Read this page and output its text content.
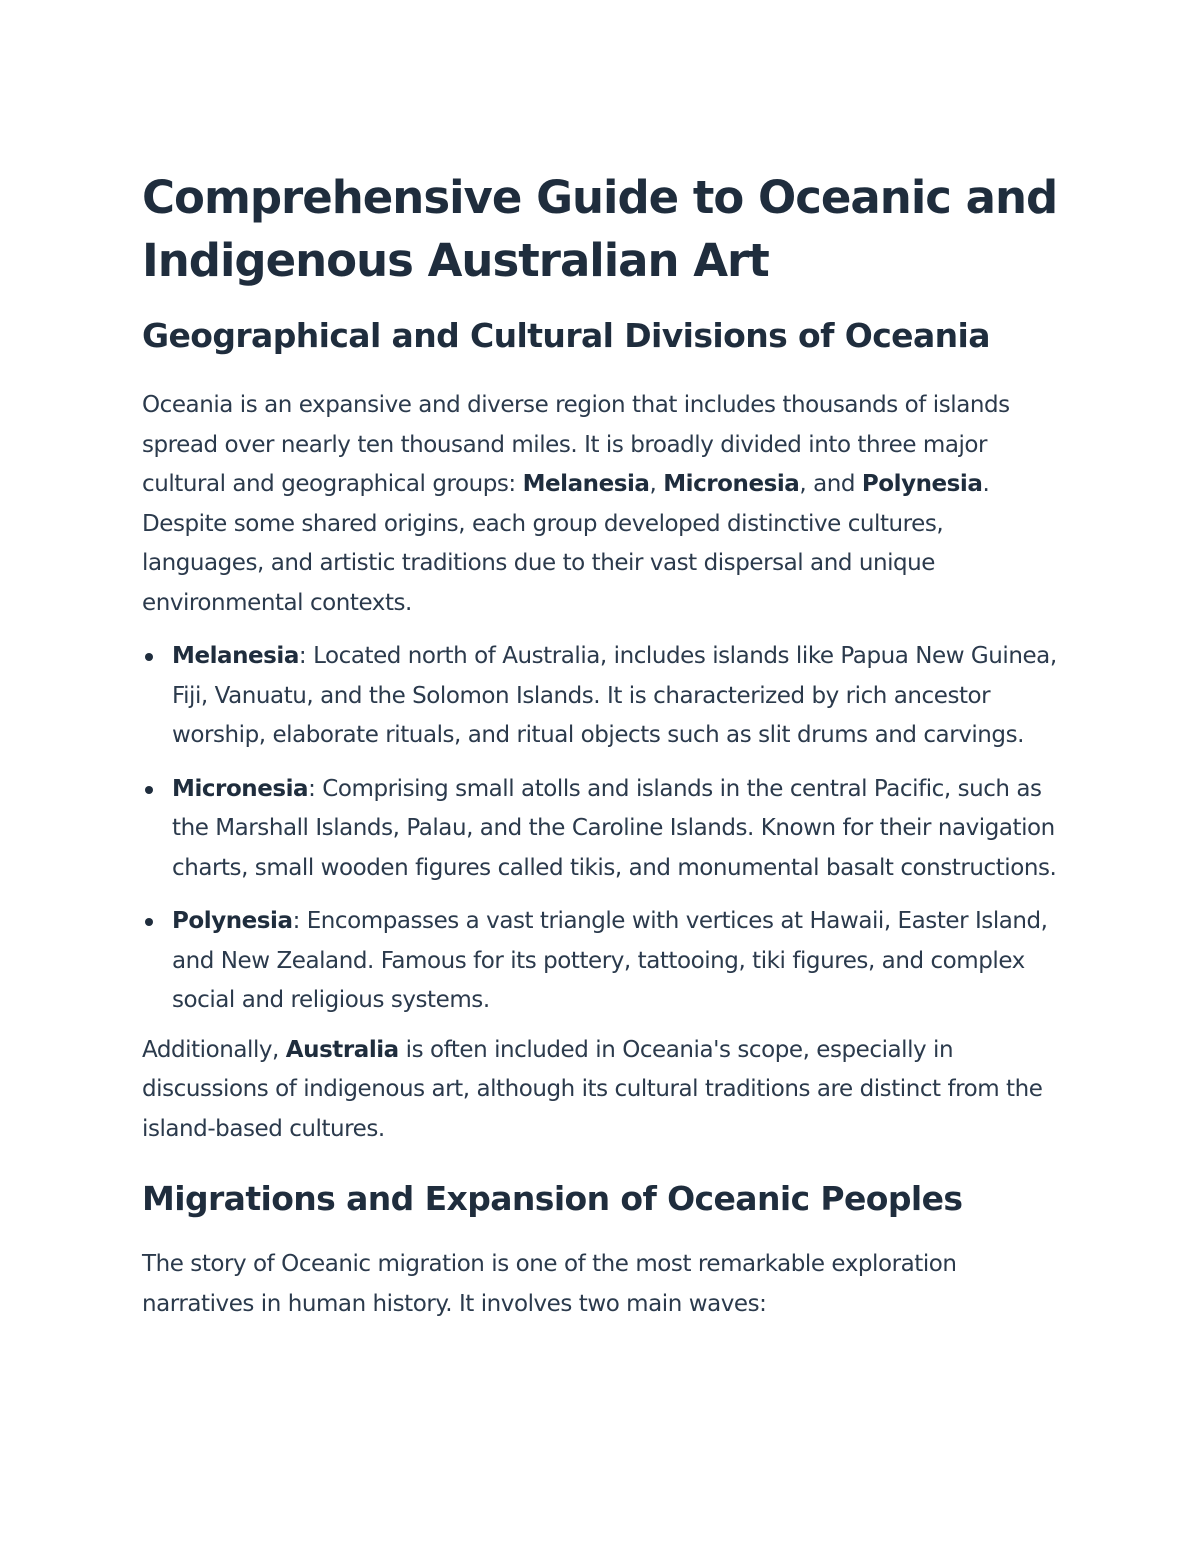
Comprehensive Guide to Oceanic and Indigenous Australian Art
Geographical and Cultural Divisions of Oceania

Oceania is an expansive and diverse region that includes thousands of islands spread over nearly ten thousand miles. It is broadly divided into three major cultural and geographical groups: Melanesia, Micronesia, and Polynesia. Despite some shared origins, each group developed distinctive cultures, languages, and artistic traditions due to their vast dispersal and unique environmental contexts.

Melanesia: Located north of Australia, includes islands like Papua New Guinea, Fiji, Vanuatu, and the Solomon Islands. It is characterized by rich ancestor worship, elaborate rituals, and ritual objects such as slit drums and carvings.
Micronesia: Comprising small atolls and islands in the central Pacific, such as the Marshall Islands, Palau, and the Caroline Islands. Known for their navigation charts, small wooden figures called tikis, and monumental basalt constructions.
Polynesia: Encompasses a vast triangle with vertices at Hawaii, Easter Island, and New Zealand. Famous for its pottery, tattooing, tiki figures, and complex social and religious systems.

Additionally, Australia is often included in Oceania's scope, especially in discussions of indigenous art, although its cultural traditions are distinct from the island-based cultures.

Migrations and Expansion of Oceanic Peoples

The story of Oceanic migration is one of the most remarkable exploration narratives in human history. It involves two main waves:
